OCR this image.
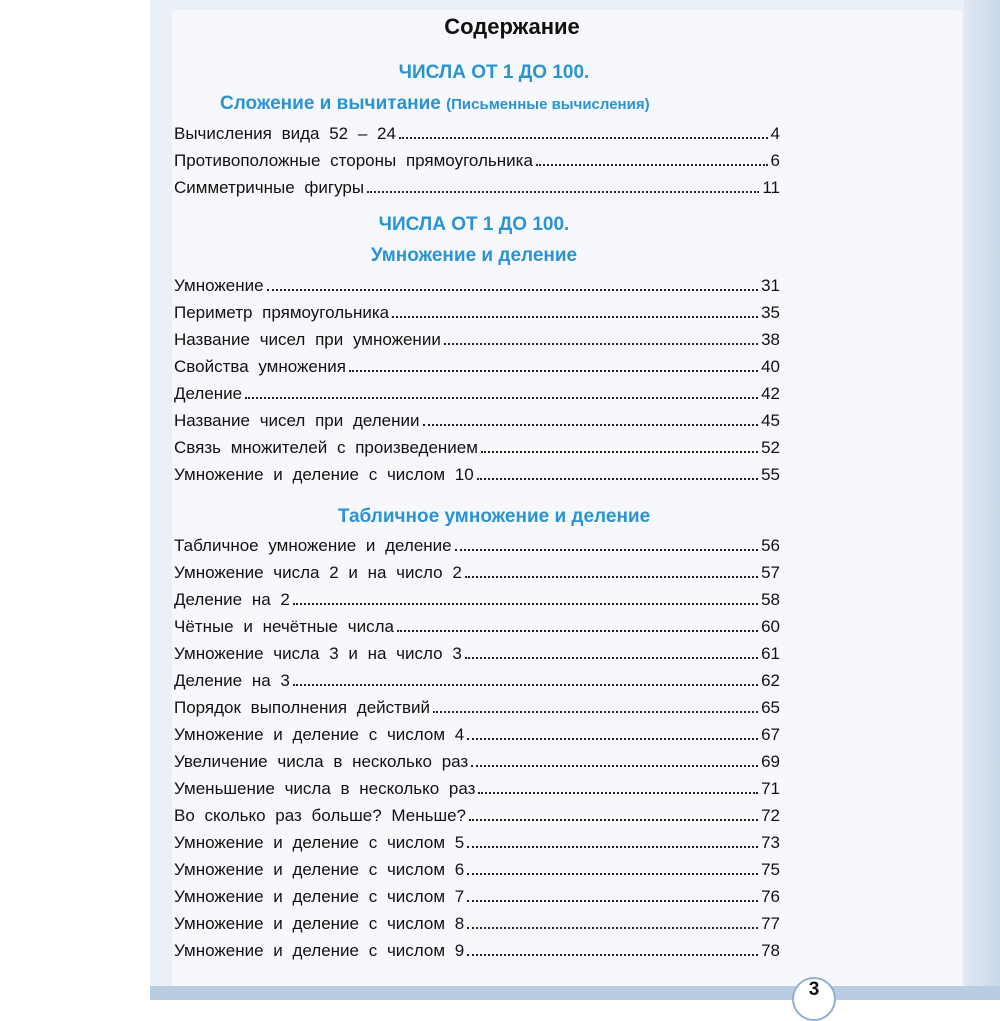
3
Содержание
ЧИСЛА ОТ 1 ДО 100.
Сложение и вычитание (Письменные вычисления)
Вычисления вида 52 – 24	4
Противоположные стороны прямоугольника	6
Симметричные фигуры	11
ЧИСЛА ОТ 1 ДО 100.
Умножение и деление
Умножение	31
Периметр прямоугольника	35
Название чисел при умножении	38
Свойства умножения	40
Деление	42
Название чисел при делении	45
Связь множителей с произведением	52
Умножение и деление с числом 10	55
Табличное умножение и деление
Табличное умножение и деление	56
Умножение числа 2 и на число 2	57
Деление на 2	58
Чётные и нечётные числа	60
Умножение числа 3 и на число 3	61
Деление на 3	62
Порядок выполнения действий	65
Умножение и деление с числом 4	67
Увеличение числа в несколько раз	69
Уменьшение числа в несколько раз	71
Во сколько раз больше? Меньше?	72
Умножение и деление с числом 5	73
Умножение и деление с числом 6	75
Умножение и деление с числом 7	76
Умножение и деление с числом 8	77
Умножение и деление с числом 9	78
